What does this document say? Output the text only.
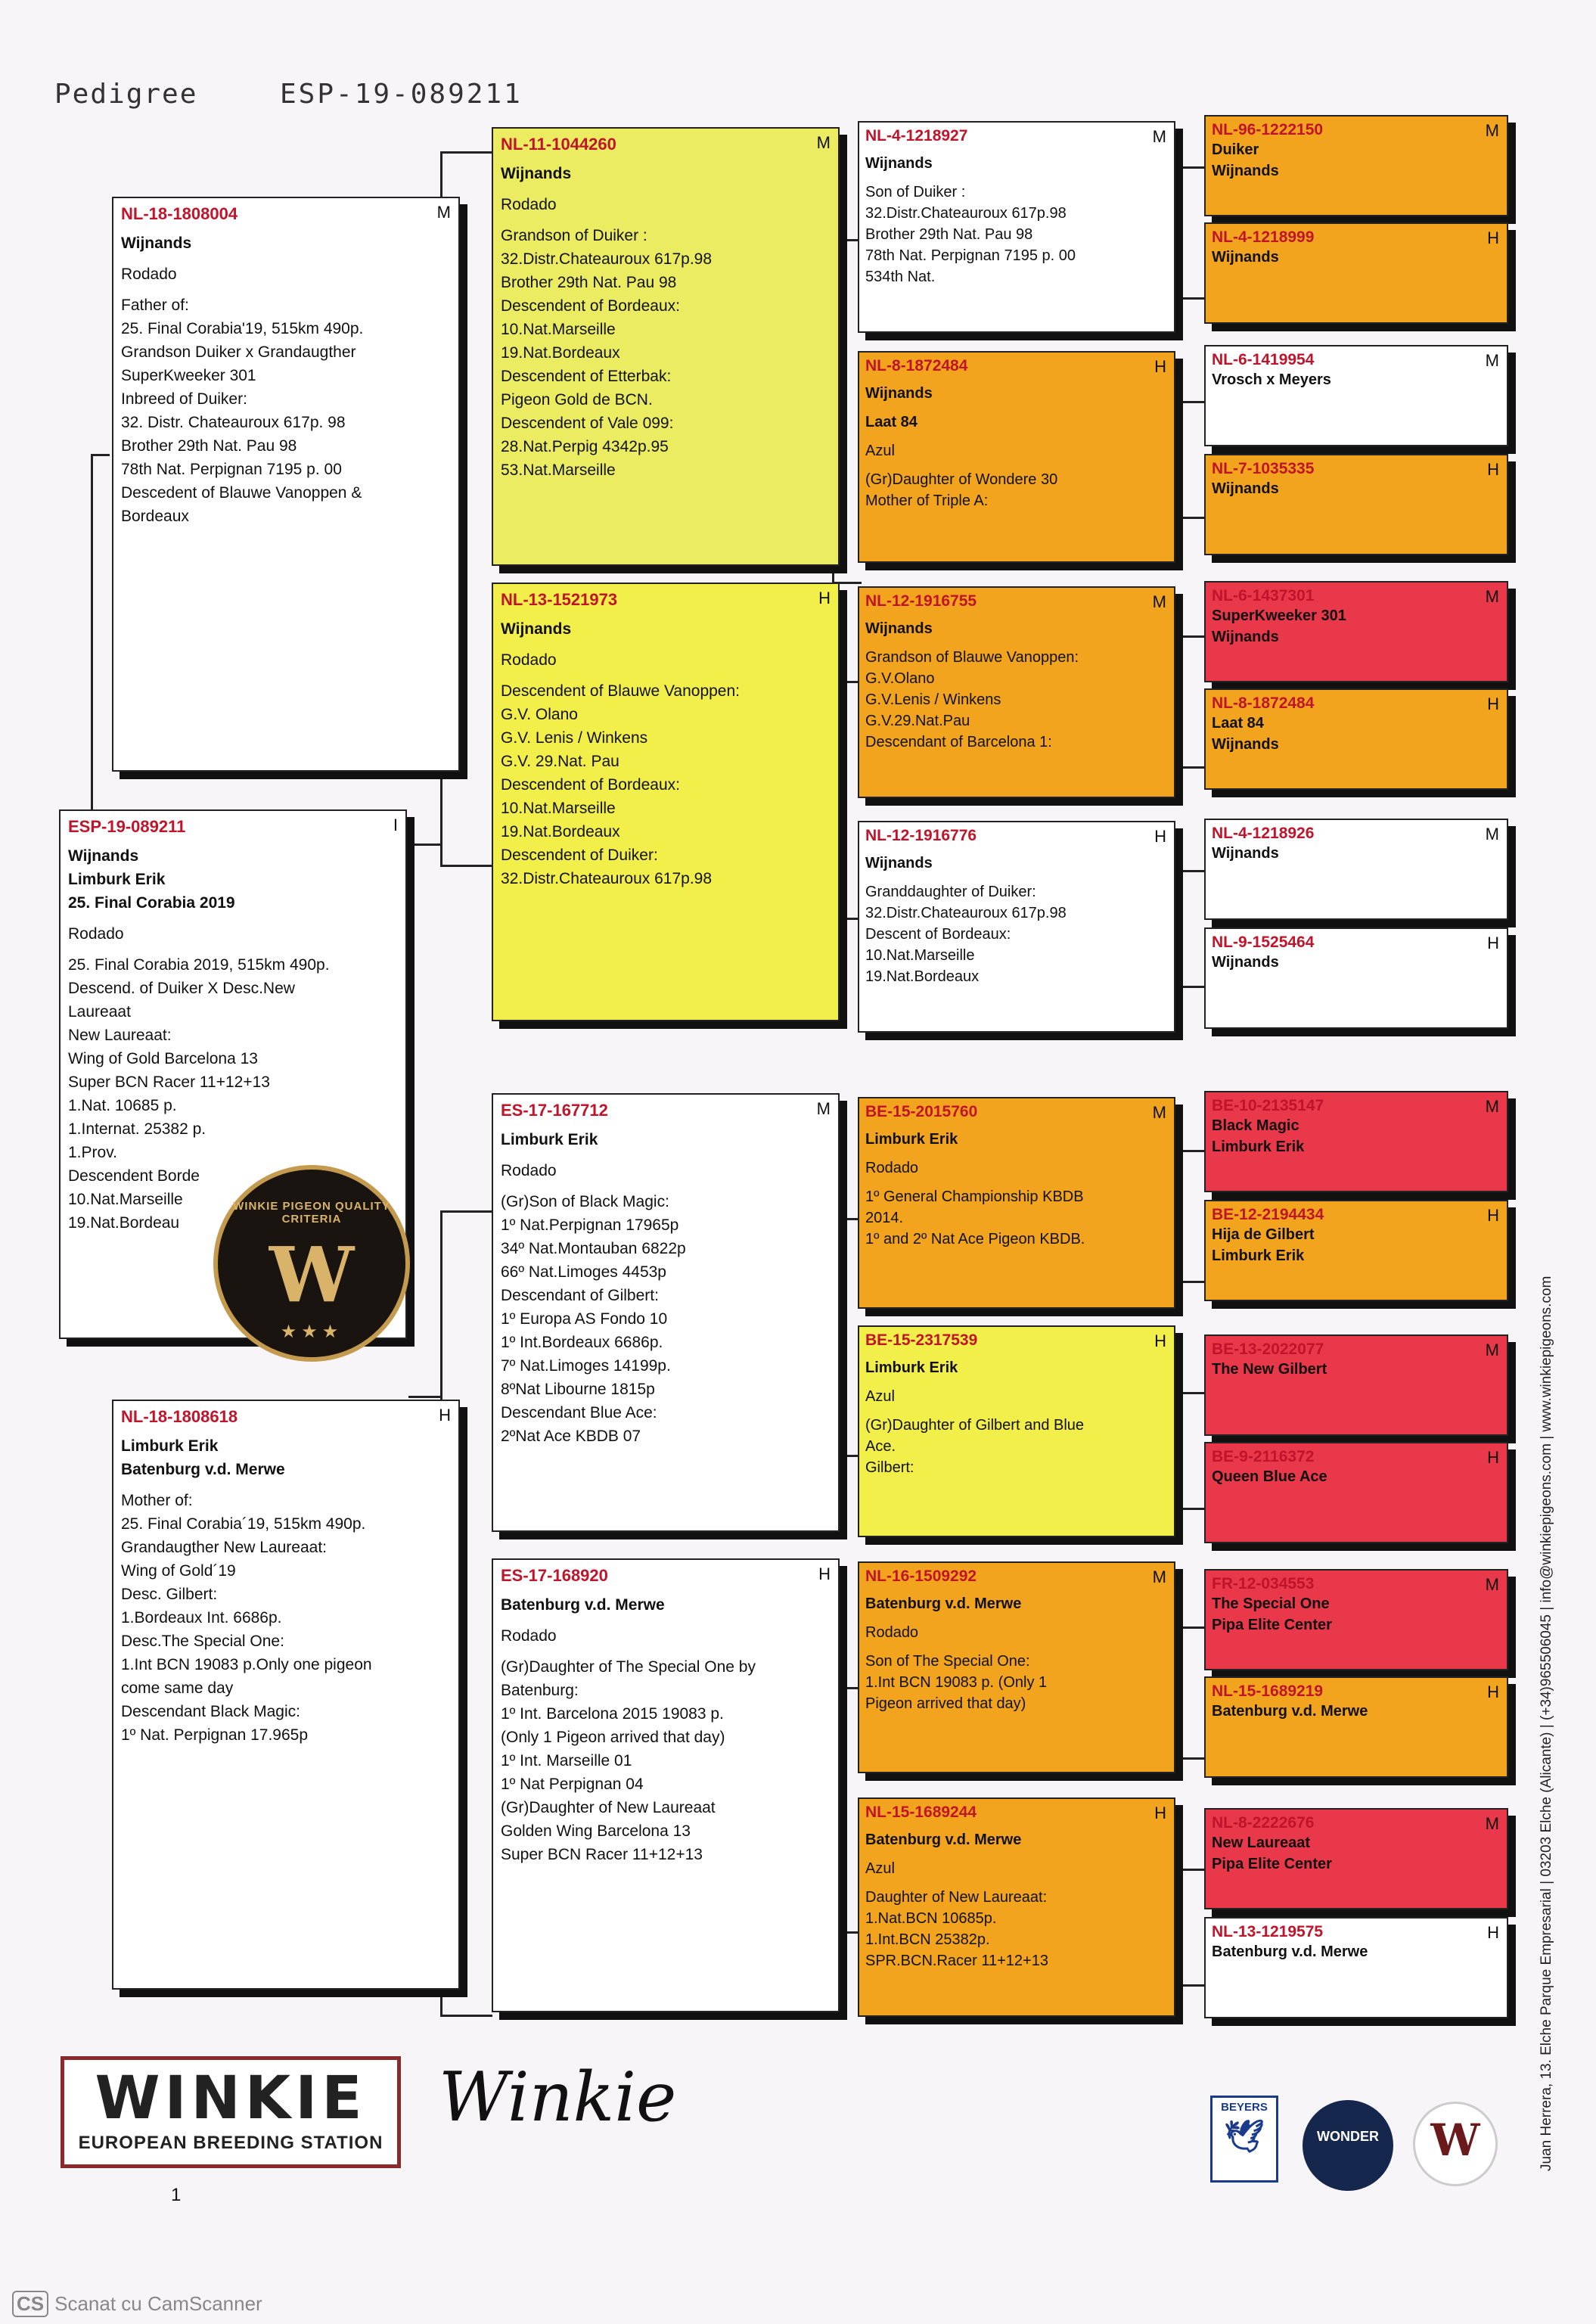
Pedigree	ESP-19-089211
ESP-19-089211	I
Wijnands
Limburk Erik
25. Final Corabia 2019
Rodado
25. Final Corabia 2019, 515km 490p.
Descend. of Duiker X Desc.New
Laureaat
New Laureaat:
Wing of Gold Barcelona 13
Super BCN Racer 11+12+13
1.Nat. 10685 p.
1.Internat. 25382 p.
1.Prov.
Descendent Borde
10.Nat.Marseille
19.Nat.Bordeau
WINKIE PIGEON QUALITY CRITERIA
W
★★★
NL-18-1808004	M
Wijnands
Rodado
Father of:
25. Final Corabia'19, 515km 490p.
Grandson Duiker x Grandaugther
SuperKweeker 301
Inbreed of Duiker:
32. Distr. Chateauroux 617p. 98
Brother 29th Nat. Pau 98
78th Nat. Perpignan 7195 p. 00
Descedent of Blauwe Vanoppen &
Bordeaux
NL-18-1808618	H
Limburk Erik
Batenburg v.d. Merwe
Mother of:
25. Final Corabia´19, 515km 490p.
Grandaugther New Laureaat:
Wing of Gold´19
Desc. Gilbert:
1.Bordeaux Int. 6686p.
Desc.The Special One:
1.Int BCN 19083 p.Only one pigeon
come same day
Descendant Black Magic:
1º Nat. Perpignan 17.965p
NL-11-1044260	M
Wijnands
Rodado
Grandson of Duiker :
32.Distr.Chateauroux 617p.98
Brother 29th Nat. Pau 98
Descendent of Bordeaux:
10.Nat.Marseille
19.Nat.Bordeaux
Descendent of Etterbak:
Pigeon Gold de BCN.
Descendent of Vale 099:
28.Nat.Perpig 4342p.95
53.Nat.Marseille
NL-13-1521973	H
Wijnands
Rodado
Descendent of Blauwe Vanoppen:
G.V. Olano
G.V. Lenis / Winkens
G.V. 29.Nat. Pau
Descendent of Bordeaux:
10.Nat.Marseille
19.Nat.Bordeaux
Descendent of Duiker:
32.Distr.Chateauroux 617p.98
ES-17-167712	M
Limburk Erik
Rodado
(Gr)Son of Black Magic:
1º Nat.Perpignan 17965p
34º Nat.Montauban 6822p
66º Nat.Limoges 4453p
Descendant of Gilbert:
1º Europa AS Fondo 10
1º Int.Bordeaux 6686p.
7º Nat.Limoges 14199p.
8ºNat Libourne 1815p
Descendant Blue Ace:
2ºNat Ace KBDB 07
ES-17-168920	H
Batenburg v.d. Merwe
Rodado
(Gr)Daughter of The Special One by
Batenburg:
1º Int. Barcelona 2015 19083 p.
(Only 1 Pigeon arrived that day)
1º Int. Marseille 01
1º Nat Perpignan 04
(Gr)Daughter of New Laureaat
Golden Wing Barcelona 13
Super BCN Racer 11+12+13
NL-4-1218927	M
Wijnands
Son of Duiker :
32.Distr.Chateauroux 617p.98
Brother 29th Nat. Pau 98
78th Nat. Perpignan 7195 p. 00
534th Nat.
NL-8-1872484	H
Wijnands
Laat 84
Azul
(Gr)Daughter of Wondere 30
Mother of Triple A:
NL-12-1916755	M
Wijnands
Grandson of Blauwe Vanoppen:
G.V.Olano
G.V.Lenis / Winkens
G.V.29.Nat.Pau
Descendant of Barcelona 1:
NL-12-1916776	H
Wijnands
Granddaughter of Duiker:
32.Distr.Chateauroux 617p.98
Descent of Bordeaux:
10.Nat.Marseille
19.Nat.Bordeaux
BE-15-2015760	M
Limburk Erik
Rodado
1º General Championship KBDB
2014.
1º and 2º Nat Ace Pigeon KBDB.
BE-15-2317539	H
Limburk Erik
Azul
(Gr)Daughter of Gilbert and Blue
Ace.
Gilbert:
NL-16-1509292	M
Batenburg v.d. Merwe
Rodado
Son of The Special One:
1.Int BCN 19083 p. (Only 1
Pigeon arrived that day)
NL-15-1689244	H
Batenburg v.d. Merwe
Azul
Daughter of New Laureaat:
1.Nat.BCN 10685p.
1.Int.BCN 25382p.
SPR.BCN.Racer 11+12+13
NL-96-1222150	M
Duiker
Wijnands
NL-4-1218999	H
Wijnands
NL-6-1419954	M
Vrosch x Meyers
NL-7-1035335	H
Wijnands
NL-6-1437301	M
SuperKweeker 301
Wijnands
NL-8-1872484	H
Laat 84
Wijnands
NL-4-1218926	M
Wijnands
NL-9-1525464	H
Wijnands
BE-10-2135147	M
Black Magic
Limburk Erik
BE-12-2194434	H
Hija de Gilbert
Limburk Erik
BE-13-2022077	M
The New Gilbert
BE-9-2116372	H
Queen Blue Ace
FR-12-034553	M
The Special One
Pipa Elite Center
NL-15-1689219	H
Batenburg v.d. Merwe
NL-8-2222676	M
New Laureaat
Pipa Elite Center
NL-13-1219575	H
Batenburg v.d. Merwe
WINKIE
EUROPEAN BREEDING STATION
1
Winkie	BEYERS
🕊	WONDER	W	Juan Herrera, 13. Elche Parque Empresarial | 03203 Elche (Alicante) | (+34)965506045 | info@winkiepigeons.com | www.winkiepigeons.com
CS Scanat cu CamScanner
